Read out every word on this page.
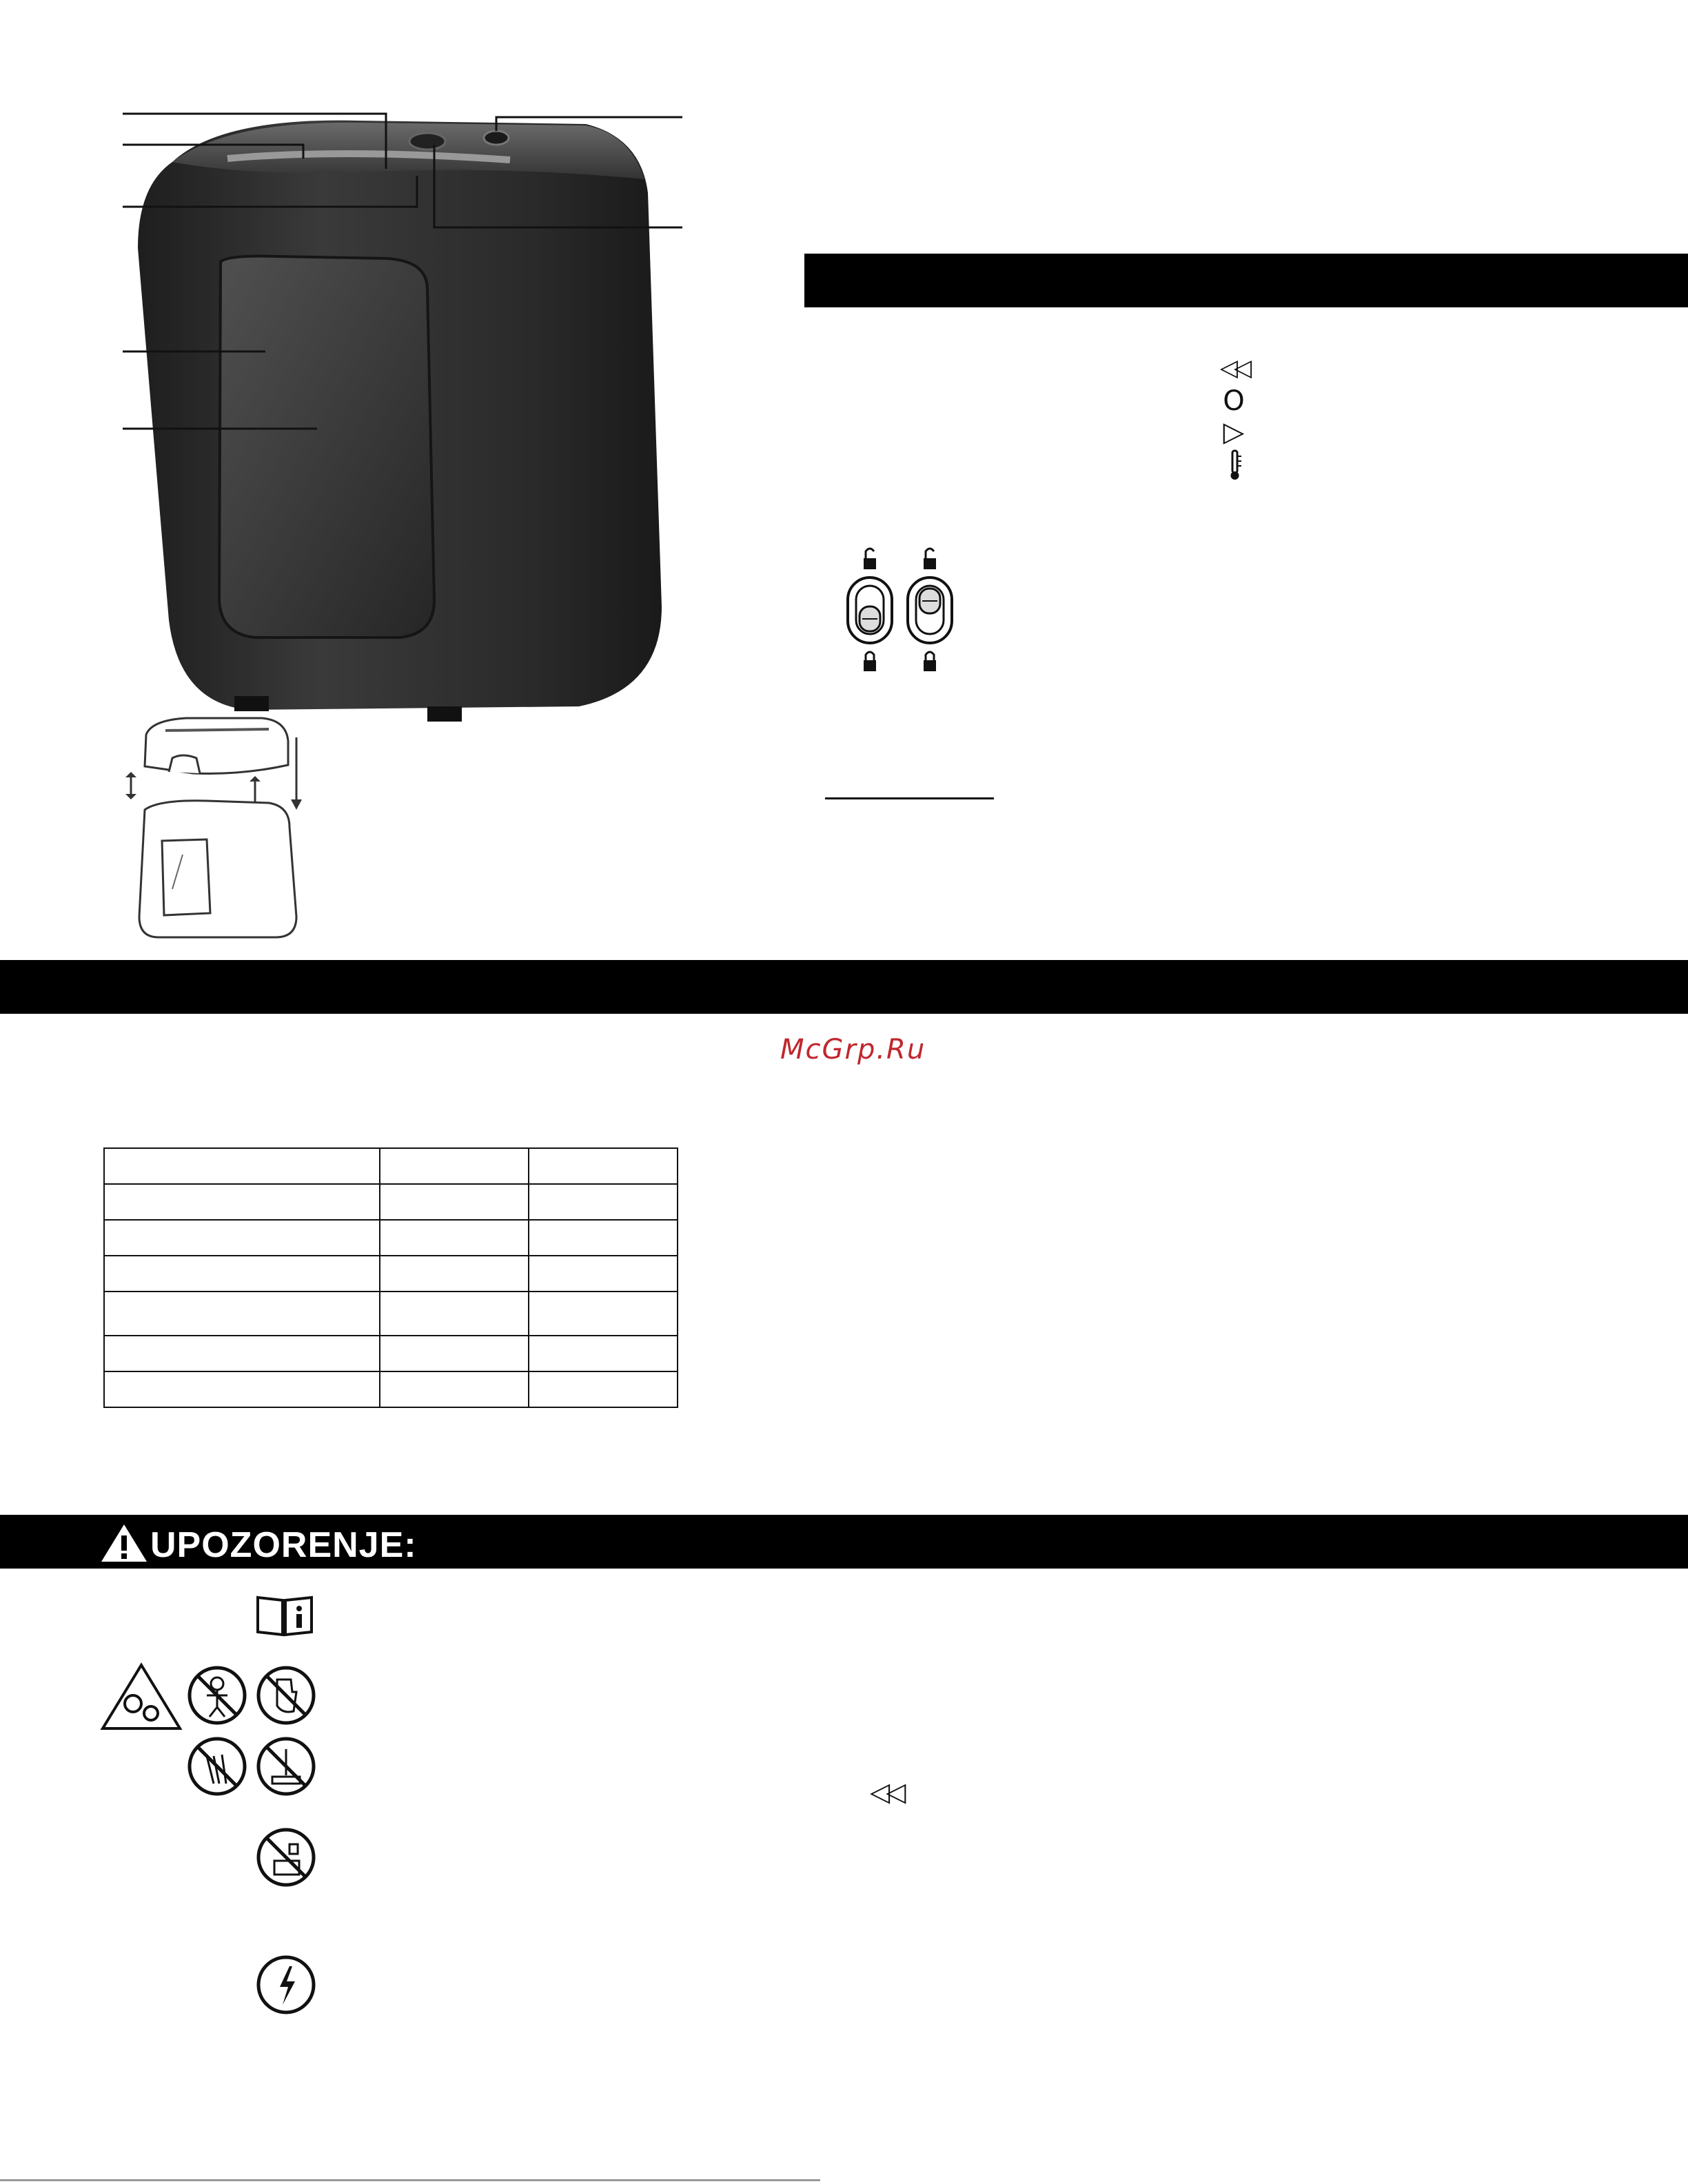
UPOZORENJE:
◁◁
O
▷
McGrp.Ru

◁◁
